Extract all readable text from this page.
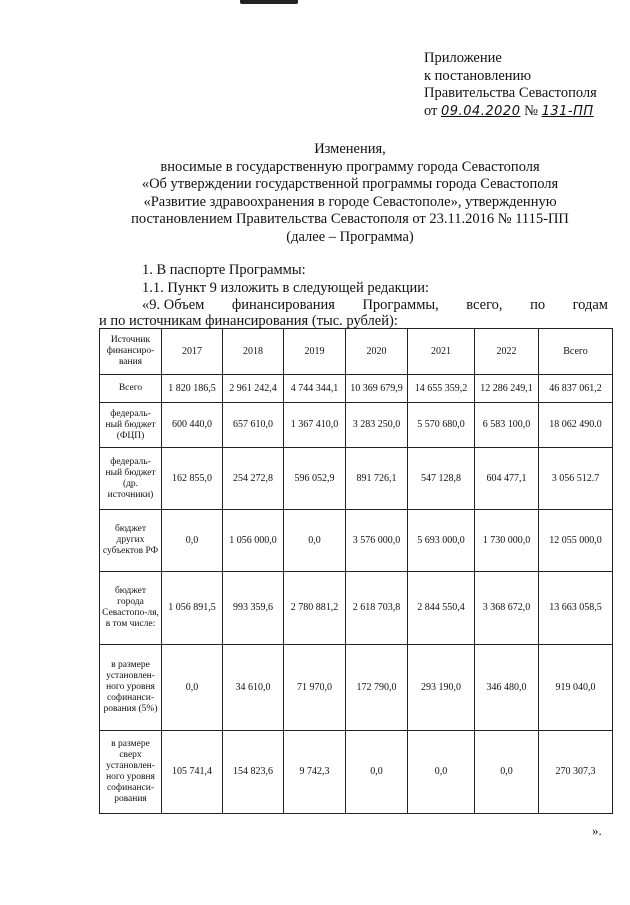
Приложение
к постановлению
Правительства Севастополя
от 09.04.2020 № 131-ПП
Изменения,
вносимые в государственную программу города Севастополя
«Об утверждении государственной программы города Севастополя
«Развитие здравоохранения в городе Севастополе», утвержденную
постановлением Правительства Севастополя от 23.11.2016 № 1115-ПП
(далее – Программа)
1. В паспорте Программы:
1.1. Пункт 9 изложить в следующей редакции:
«9. Объем финансирования Программы, всего, по годам
и по источникам финансирования (тыс. рублей):
Источник финансиро-вания	2017	2018	2019	2020	2021	2022	Всего
Всего	1 820 186,5	2 961 242,4	4 744 344,1	10 369 679,9	14 655 359,2	12 286 249,1	46 837 061,2
федераль-ный бюджет (ФЦП)	600 440,0	657 610,0	1 367 410,0	3 283 250,0	5 570 680,0	6 583 100,0	18 062 490.0
федераль-ный бюджет (др. источники)	162 855,0	254 272,8	596 052,9	891 726,1	547 128,8	604 477,1	3 056 512.7
бюджет других субъектов РФ	0,0	1 056 000,0	0,0	3 576 000,0	5 693 000,0	1 730 000,0	12 055 000,0
бюджет города Севастопо-ля, в том числе:	1 056 891,5	993 359,6	2 780 881,2	2 618 703,8	2 844 550,4	3 368 672,0	13 663 058,5
в размере установлен-ного уровня софинанси-рования (5%)	0,0	34 610,0	71 970,0	172 790,0	293 190,0	346 480,0	919 040,0
в размере сверх установлен-ного уровня софинанси-рования	105 741,4	154 823,6	9 742,3	0,0	0,0	0,0	270 307,3
».
